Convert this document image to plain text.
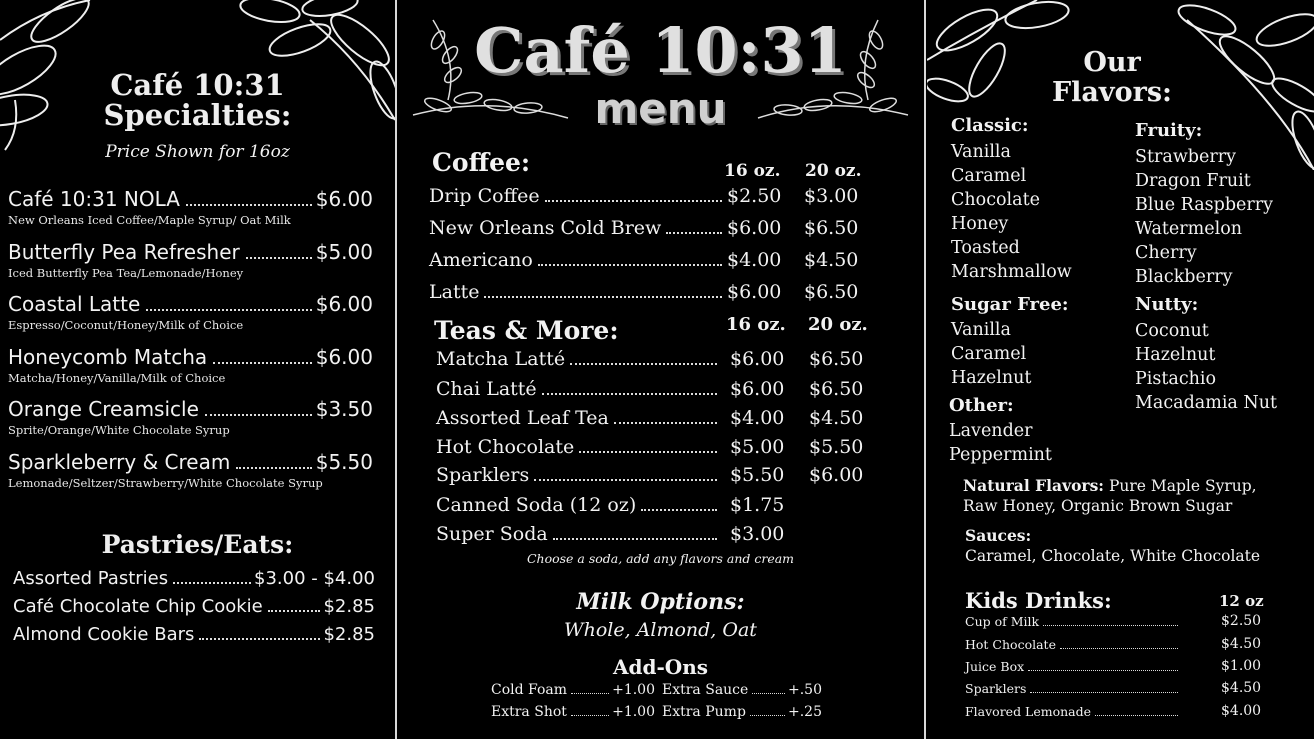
Café 10:31
Specialties:
Price Shown for 16oz
Café 10:31 NOLA	$6.00
New Orleans Iced Coffee/Maple Syrup/ Oat Milk
Butterfly Pea Refresher	$5.00
Iced Butterfly Pea Tea/Lemonade/Honey
Coastal Latte	$6.00
Espresso/Coconut/Honey/Milk of Choice
Honeycomb Matcha	$6.00
Matcha/Honey/Vanilla/Milk of Choice
Orange Creamsicle	$3.50
Sprite/Orange/White Chocolate Syrup
Sparkleberry & Cream	$5.50
Lemonade/Seltzer/Strawberry/White Chocolate Syrup
Pastries/Eats:
Assorted Pastries	$3.00 - $4.00
Café Chocolate Chip Cookie	$2.85
Almond Cookie Bars	$2.85
Café 10:31
menu
Coffee:	16 oz. 20 oz.
Drip Coffee	$2.50 $3.00
New Orleans Cold Brew	$6.00 $6.50
Americano	$4.00 $4.50
Latte	$6.00 $6.50
Teas & More:	16 oz. 20 oz.
Matcha Latté	$6.00 $6.50
Chai Latté	$6.00 $6.50
Assorted Leaf Tea	$4.00 $4.50
Hot Chocolate	$5.00 $5.50
Sparklers	$5.50 $6.00
Canned Soda (12 oz)	$1.75
Super Soda	$3.00
Choose a soda, add any flavors and cream
Milk Options:
Whole, Almond, Oat
Add-Ons
Cold Foam	+1.00 Extra Sauce	+.50
Extra Shot	+1.00 Extra Pump	+.25
Our
Flavors:
Classic:
Vanilla
Caramel
Chocolate
Honey
Toasted
Marshmallow
Fruity:
Strawberry
Dragon Fruit
Blue Raspberry
Watermelon
Cherry
Blackberry
Sugar Free:
Vanilla
Caramel
Hazelnut
Nutty:
Coconut
Hazelnut
Pistachio
Macadamia Nut
Other:
Lavender
Peppermint
Natural Flavors: Pure Maple Syrup,
Raw Honey, Organic Brown Sugar
Sauces:
Caramel, Chocolate, White Chocolate
Kids Drinks:	12 oz
Cup of Milk	$2.50
Hot Chocolate	$4.50
Juice Box	$1.00
Sparklers	$4.50
Flavored Lemonade	$4.00
